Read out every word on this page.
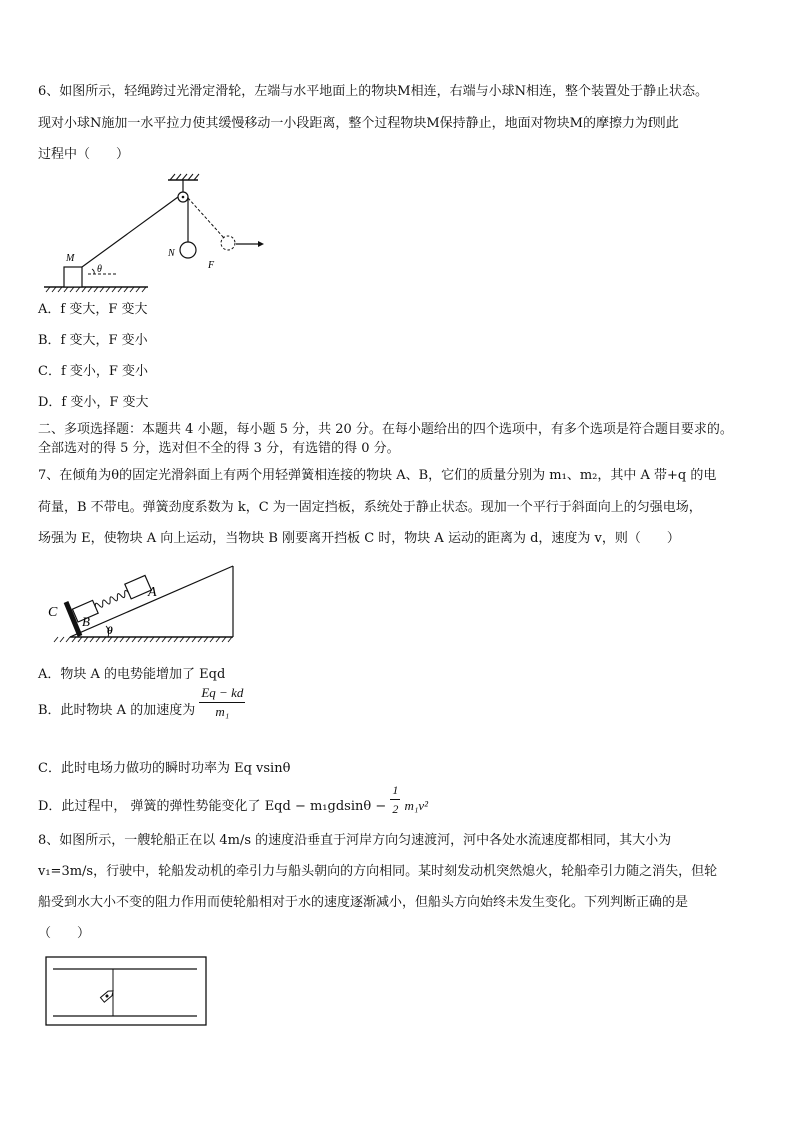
6、如图所示，轻绳跨过光滑定滑轮，左端与水平地面上的物块M相连，右端与小球N相连，整个装置处于静止状态。
现对小球N施加一水平拉力使其缓慢移动一小段距离，整个过程物块M保持静止，地面对物块M的摩擦力为f则此
过程中（　　）
M
θ
N
F
A．f 变大，F 变大
B．f 变大，F 变小
C．f 变小，F 变小
D．f 变小，F 变大
二、多项选择题：本题共 4 小题，每小题 5 分，共 20 分。在每小题给出的四个选项中，有多个选项是符合题目要求的。
全部选对的得 5 分，选对但不全的得 3 分，有选错的得 0 分。
7、在倾角为θ的固定光滑斜面上有两个用轻弹簧相连接的物块 A、B，它们的质量分别为 m₁、m₂，其中 A 带+q 的电
荷量，B 不带电。弹簧劲度系数为 k，C 为一固定挡板，系统处于静止状态。现加一个平行于斜面向上的匀强电场，
场强为 E，使物块 A 向上运动，当物块 B 刚要离开挡板 C 时，物块 A 运动的距离为 d，速度为 v，则（　　）
C
B
A
θ
A．物块 A 的电势能增加了 Eqd
B．此时物块 A 的加速度为 $\frac{Eq - kd}{\text{m₁}}$
C．此时电场力做功的瞬时功率为 Eq vsinθ
D．此过程中， 弹簧的弹性势能变化了 Eqd − $m_1gdsin\theta - \frac{1}{2} m_1v^2$
8、如图所示，一艘轮船正在以 4m/s 的速度沿垂直于河岸方向匀速渡河，河中各处水流速度都相同，其大小为
v₁=3m/s，行驶中，轮船发动机的牵引力与船头朝向的方向相同。某时刻发动机突然熄火，轮船牵引力随之消失，但轮
船受到水大小不变的阻力作用而使轮船相对于水的速度逐渐减小，但船头方向始终未发生变化。下列判断正确的是
（　　）
